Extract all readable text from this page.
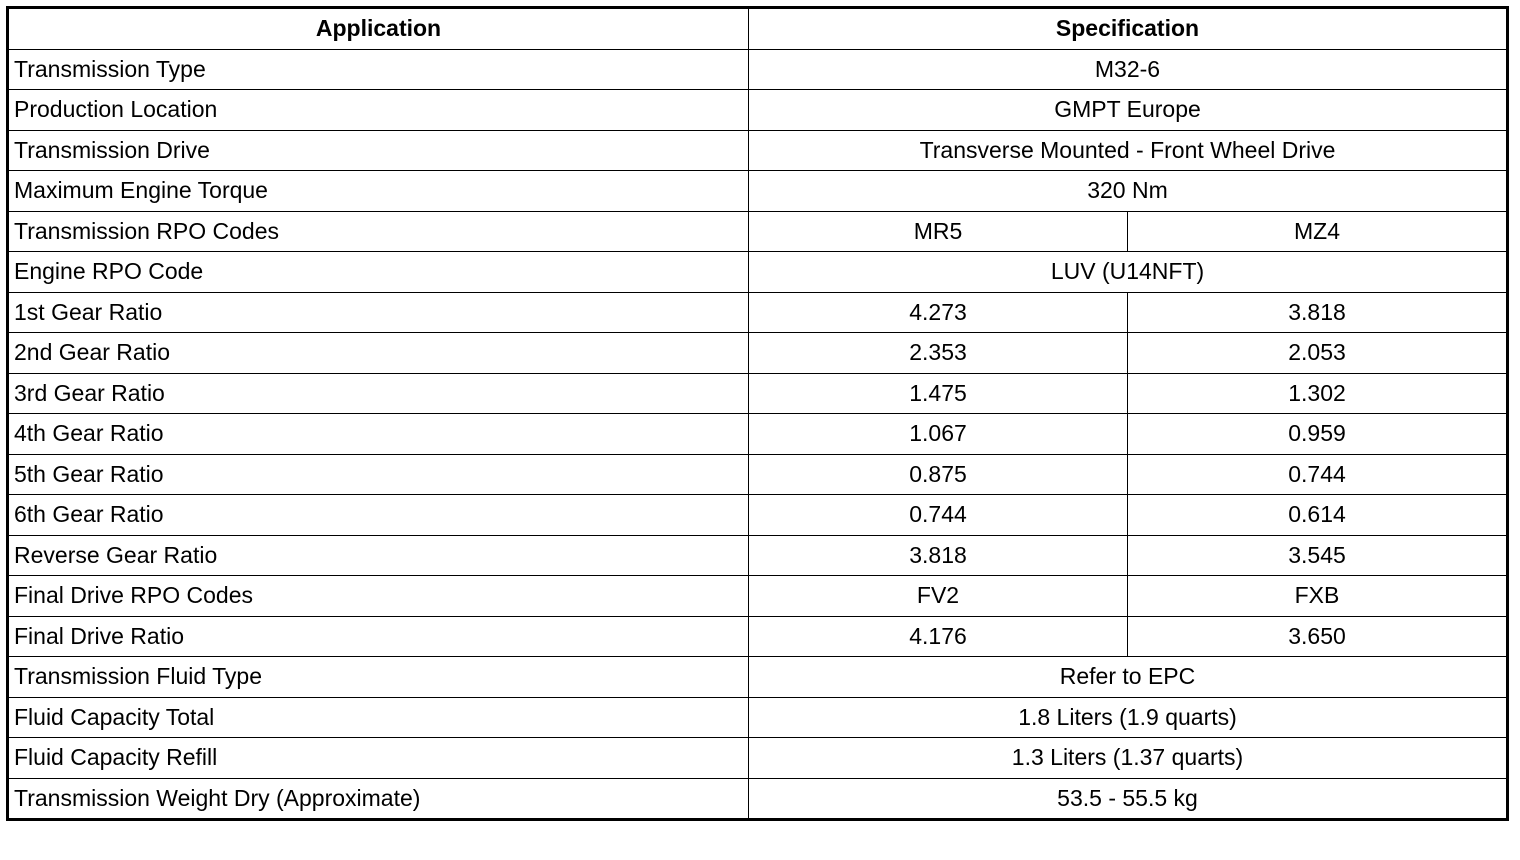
Application	Specification	
Transmission Type	M32-6	
Production Location	GMPT Europe	
Transmission Drive	Transverse Mounted - Front Wheel Drive	
Maximum Engine Torque	320 Nm	
Transmission RPO Codes	MR5	MZ4
Engine RPO Code	LUV (U14NFT)	
1st Gear Ratio	4.273	3.818
2nd Gear Ratio	2.353	2.053
3rd Gear Ratio	1.475	1.302
4th Gear Ratio	1.067	0.959
5th Gear Ratio	0.875	0.744
6th Gear Ratio	0.744	0.614
Reverse Gear Ratio	3.818	3.545
Final Drive RPO Codes	FV2	FXB
Final Drive Ratio	4.176	3.650
Transmission Fluid Type	Refer to EPC	
Fluid Capacity Total	1.8 Liters (1.9 quarts)	
Fluid Capacity Refill	1.3 Liters (1.37 quarts)	
Transmission Weight Dry (Approximate)	53.5 - 55.5 kg	
